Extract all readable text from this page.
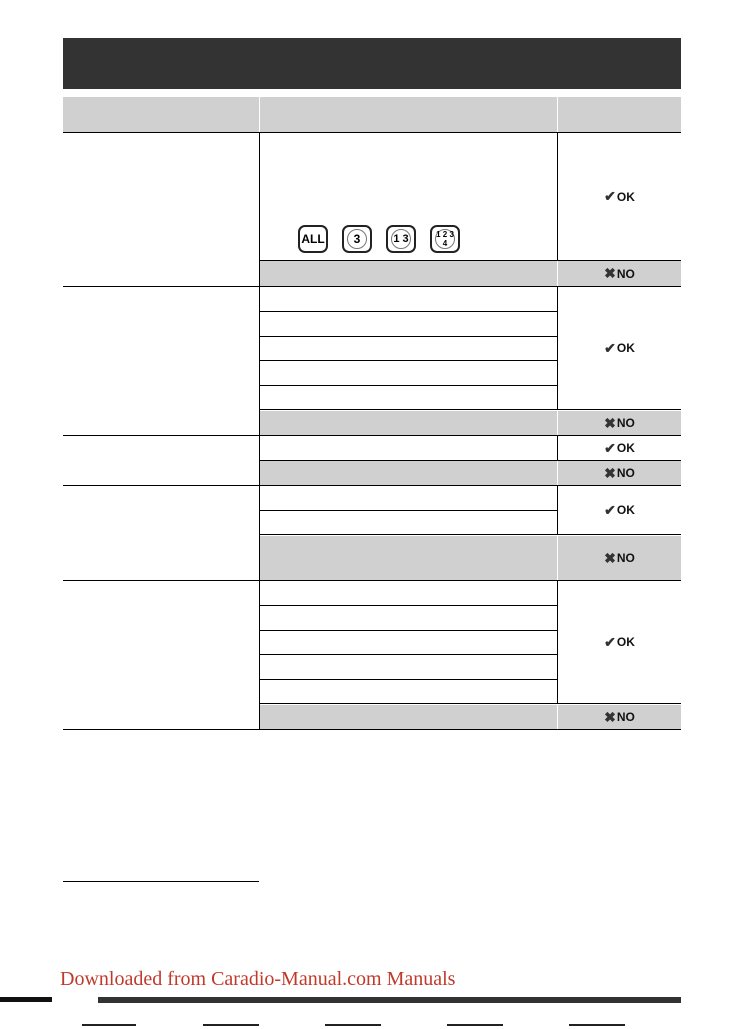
ALL 3	1 3	1 2 3 4
✔ OK
✖ NO
✔ OK
✖ NO
✔ OK
✖ NO
✔ OK
✖ NO
✔ OK
✖ NO
Downloaded from Caradio-Manual.com Manuals
